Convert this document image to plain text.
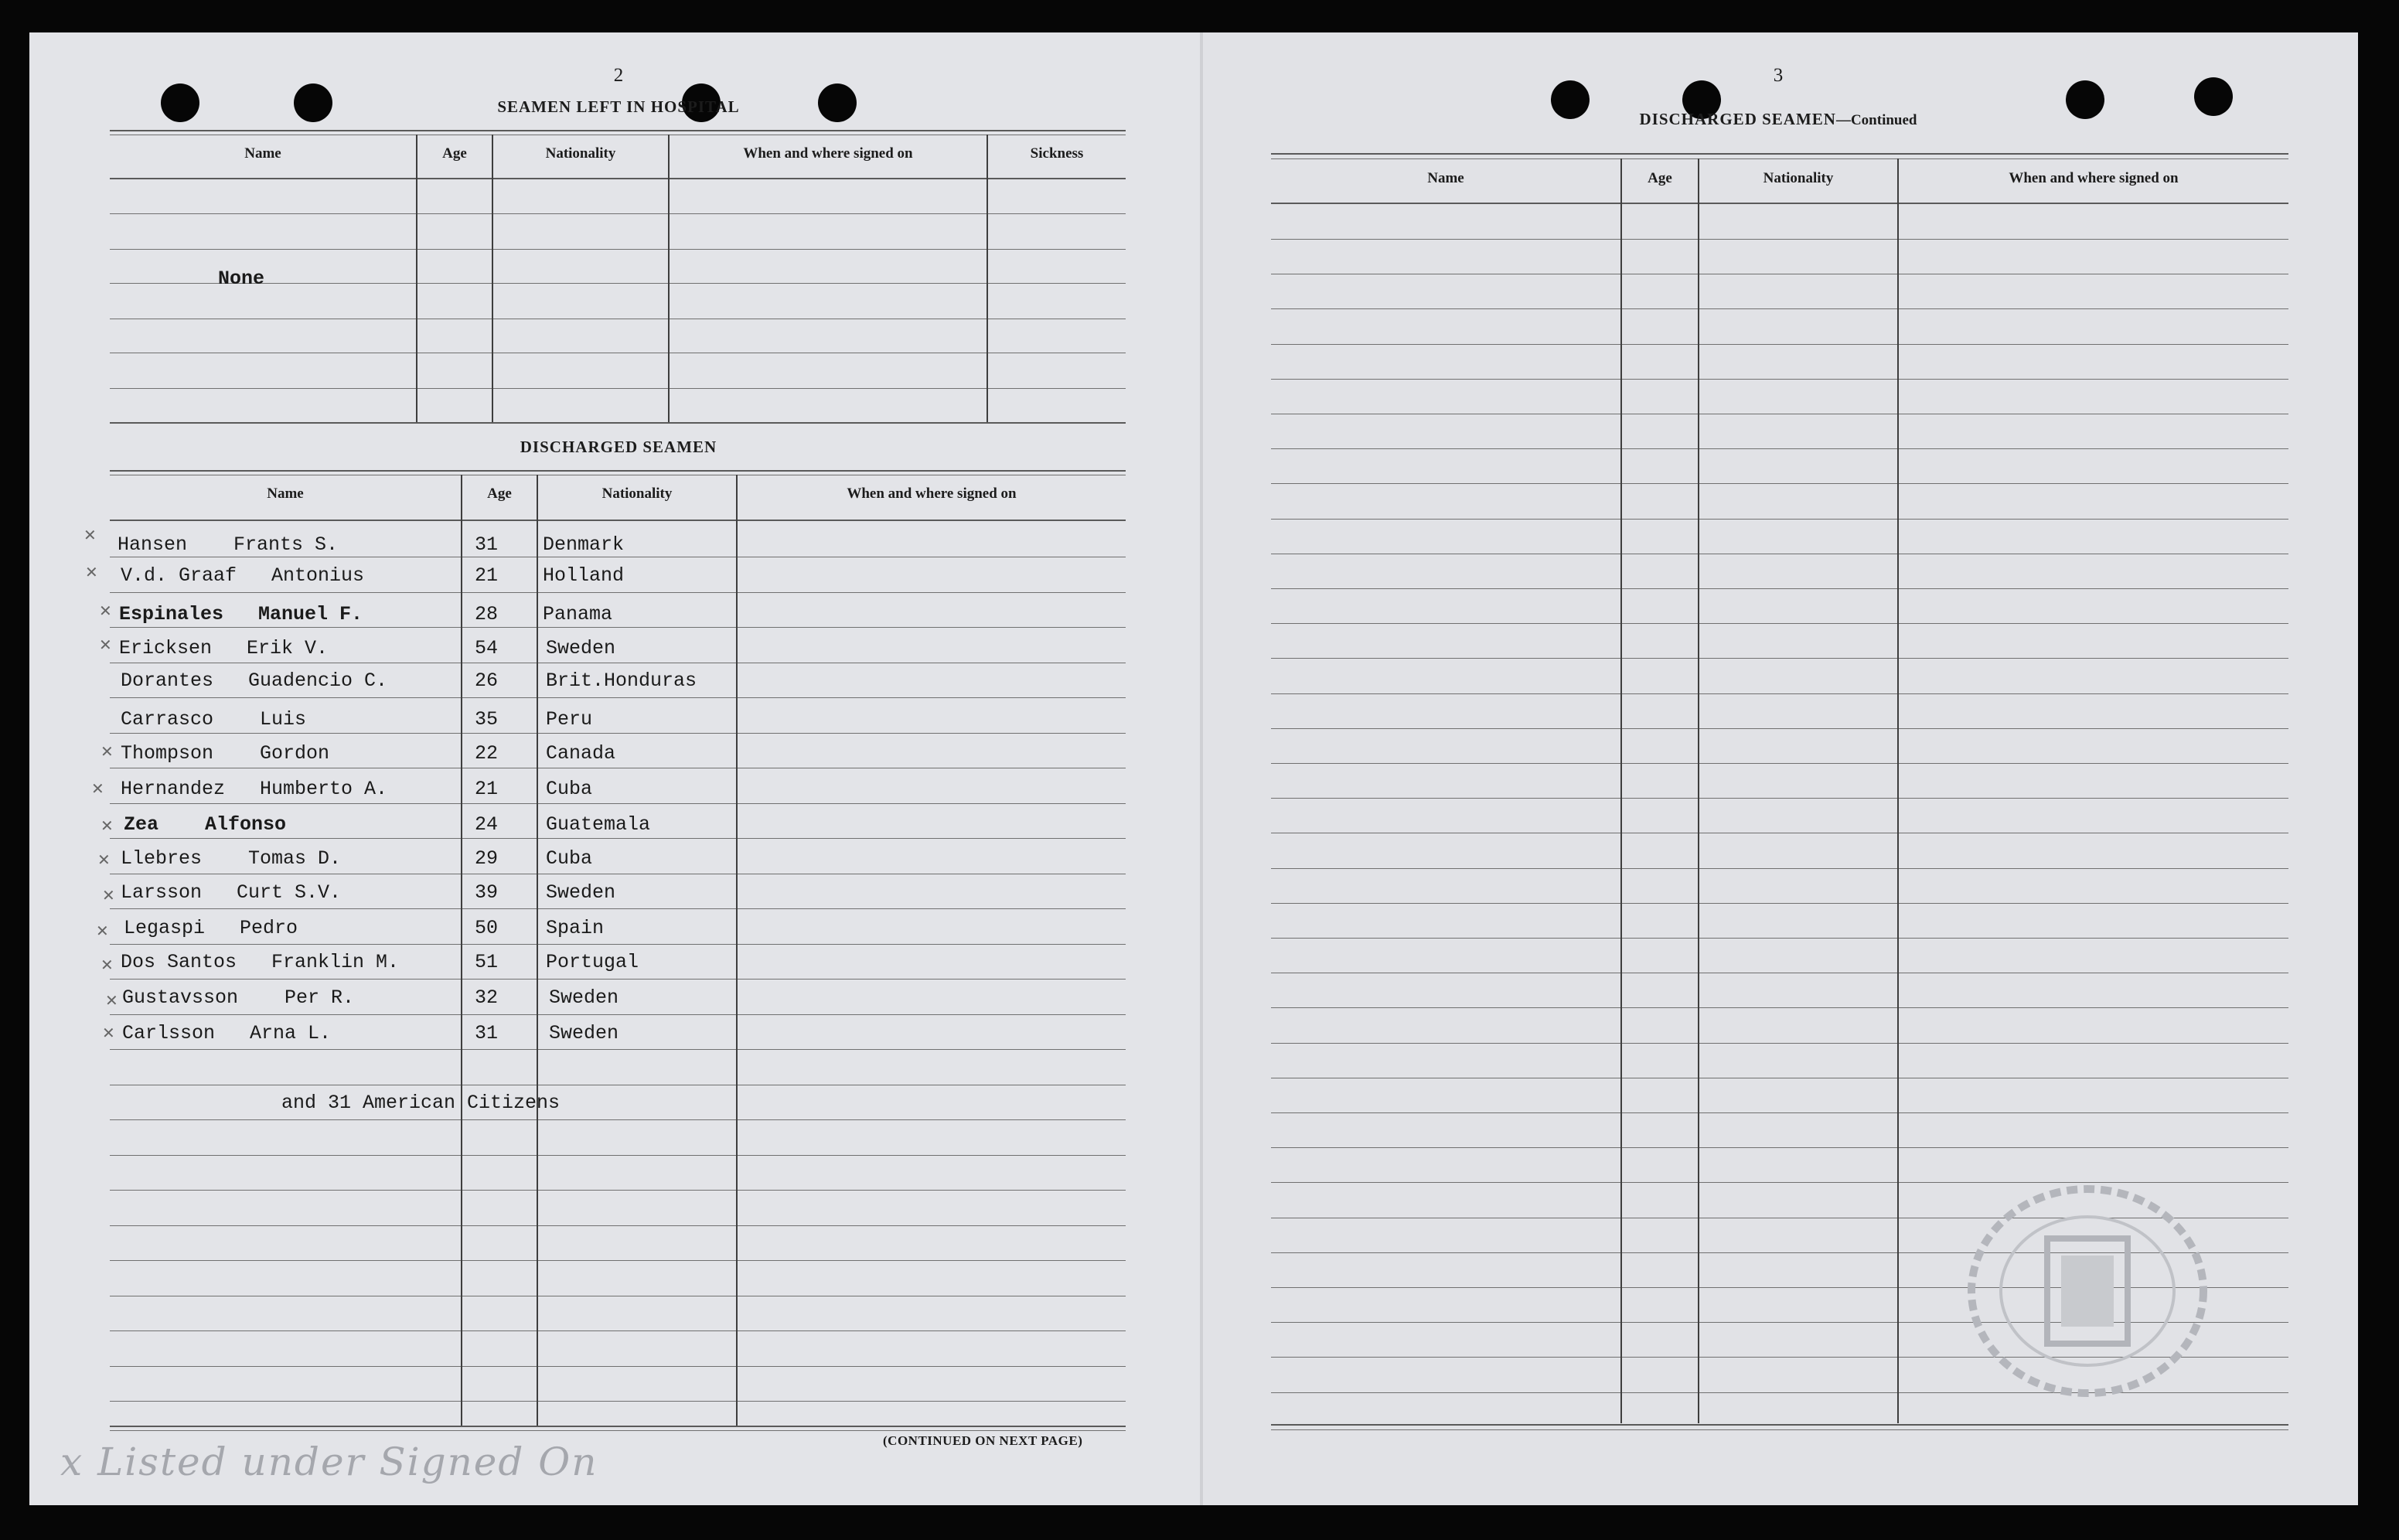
2
SEAMEN LEFT IN HOSPITAL
Name	Age	Nationality	When and where signed on	Sickness
None
DISCHARGED SEAMEN
Name	Age	Nationality	When and where signed on
✕ Hansen    Frants S.	31 Denmark
✕ V.d. Graaf   Antonius	21 Holland
✕ Espinales   Manuel F.	28 Panama
✕ Ericksen   Erik V.	54 Sweden
Dorantes   Guadencio C.	26 Brit.Honduras
Carrasco    Luis	35 Peru
✕ Thompson    Gordon	22 Canada
✕ Hernandez   Humberto A.	21 Cuba
✕ Zea    Alfonso	24 Guatemala
✕ Llebres    Tomas D.	29 Cuba
✕ Larsson   Curt S.V.	39 Sweden
✕ Legaspi   Pedro	50 Spain
✕ Dos Santos   Franklin M.	51 Portugal
✕ Gustavsson    Per R.	32	Sweden
✕ Carlsson   Arna L.	31	Sweden
and 31 American Citizens
(CONTINUED ON NEXT PAGE)
x Listed under Signed On
3
DISCHARGED SEAMEN—Continued
Name	Age	Nationality	When and where signed on
